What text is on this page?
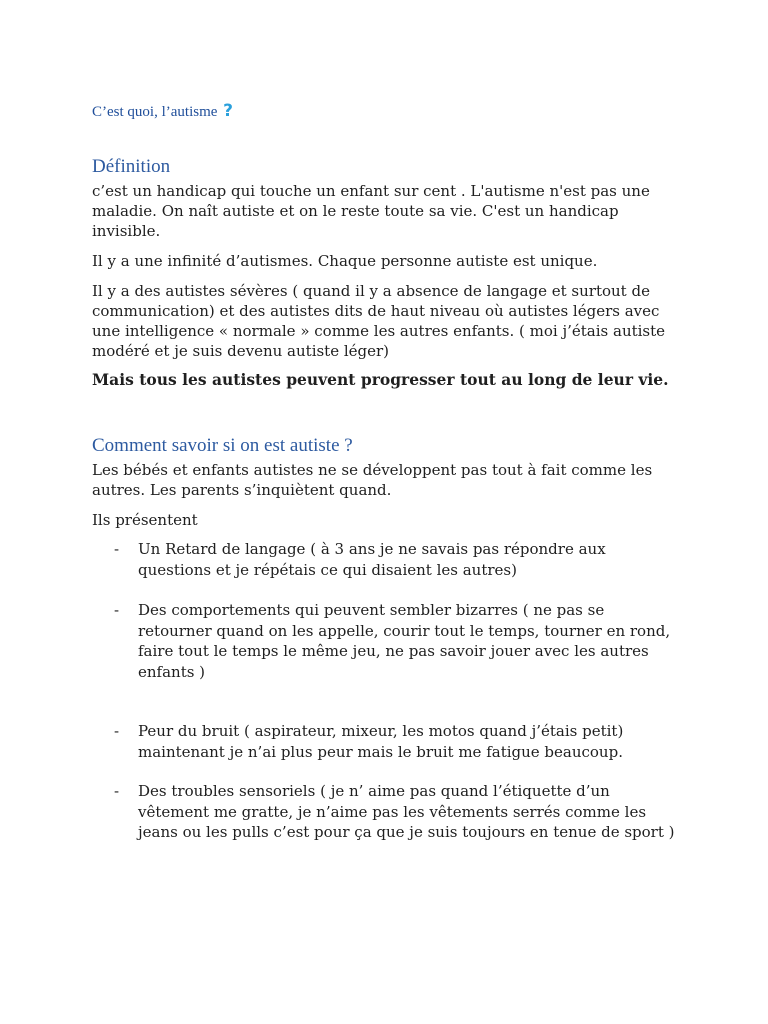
C’est quoi, l’autisme ?
Définition
c’est un handicap qui touche un enfant sur cent . L'autisme n'est pas une maladie. On naît autiste et on le reste toute sa vie. C'est un handicap invisible.
Il y a une infinité d’autismes. Chaque personne autiste est unique.
Il y a des autistes sévères ( quand il y a absence de langage et surtout de communication) et des autistes dits de haut niveau où autistes légers avec une intelligence « normale » comme les autres enfants. ( moi j’étais autiste modéré et je suis devenu autiste léger)
Mais tous les autistes peuvent progresser tout au long de leur vie.
Comment savoir si on est autiste ?
Les bébés et enfants autistes ne se développent pas tout à fait comme les autres. Les parents s’inquiètent quand.
Ils présentent
- Un Retard de langage ( à 3 ans je ne savais pas répondre aux questions et je répétais ce qui disaient les autres)
- Des comportements qui peuvent sembler bizarres ( ne pas se retourner quand on les appelle, courir tout le temps, tourner en rond, faire tout le temps le même jeu, ne pas savoir jouer avec les autres enfants )
- Peur du bruit ( aspirateur, mixeur, les motos quand j’étais petit) maintenant je n’ai plus peur mais le bruit me fatigue beaucoup.
- Des troubles sensoriels ( je n’ aime pas quand l’étiquette d’un vêtement me gratte, je n’aime pas les vêtements serrés comme les jeans ou les pulls c’est pour ça que je suis toujours en tenue de sport )
